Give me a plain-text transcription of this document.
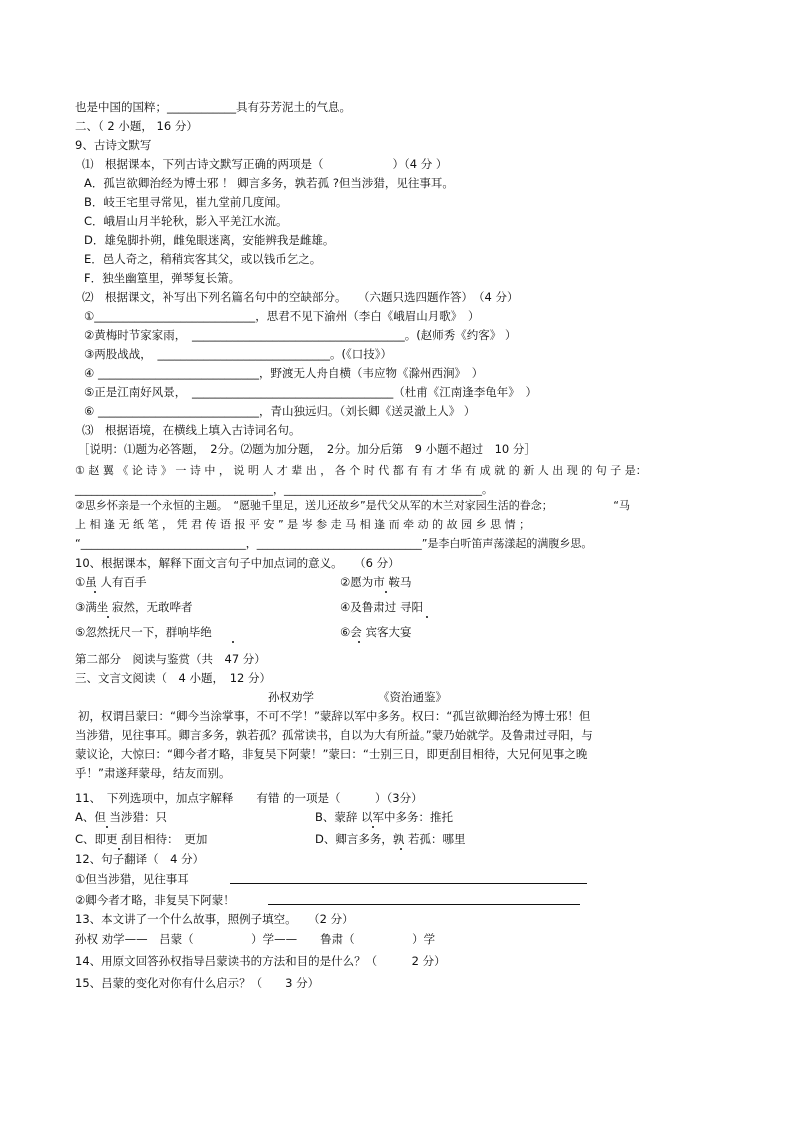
也是中国的国粹；____________具有芬芳泥土的气息。
二、（ 2 小题， 16 分）
9、古诗文默写
⑴　根据课本，下列古诗文默写正确的两项是（　　　　　　）（4 分 ）
A．孤岂欲卿治经为博士邪 ！ 卿言多务，孰若孤 ?但当涉猎，见往事耳。
B．岐王宅里寻常见，崔九堂前几度闻。
C．峨眉山月半轮秋，影入平羌江水流。
D．雄兔脚扑朔，雌兔眼迷离，安能辨我是雌雄。
E．邑人奇之，稍稍宾客其父，或以钱币乞之。
F．独坐幽篁里，弹琴复长箫。
⑵　根据课文，补写出下列名篇名句中的空缺部分。　　（六题只选四题作答）　（4 分）
①____________________________，思君不见下渝州（李白《峨眉山月歌》　）
②黄梅时节家家雨，　_____________________________________。(赵师秀《约客》 ）
③两股战战，　______________________________。(《口技》）
④ ____________________________，野渡无人舟自横（韦应物《滁州西涧》　）
⑤正是江南好风景，　___________________________________（杜甫《江南逢李龟年》　）
⑥ ____________________________，青山独远归。（刘长卿《送灵澈上人》 ）
⑶　根据语境，在横线上填入古诗词名句。
［说明：⑴题为必答题，　2分。⑵题为加分题，　2分。加分后第　9 小题不超过　10 分］
① 赵 翼 《 论 诗 》 一 诗 中 ， 说 明 人 才 辈 出 ， 各 个 时 代 都 有 有 才 华 有 成 就 的 新 人 出 现 的 句 子 是：____________________________________，____________________________________。
②思乡怀亲是一个永恒的主题。　“愿驰千里足，送儿还故乡”是代父从军的木兰对家园生活的眷念；　　　　　　“马
上 相 逢 无 纸 笔 ， 凭 君 传 语 报 平 安 ” 是 岑 参 走 马 相 逢 而 牵 动 的 故 园 乡 思 情 ；
“______________________________，______________________________”是李白听笛声荡漾起的满腹乡思。
10、根据课本，解释下面文言句子中加点词的意义。　　（6 分）
①虽 人有百手	②愿为市 鞍马
③满坐 寂然，无敢哗者	④及鲁肃过 寻阳
⑤忽然抚尺一下，群响毕绝	⑥会 宾客大宴
第二部分　阅读与鉴赏（共　47 分）
三、文言文阅读（　4 小题，　12 分）
孙权劝学	《资治通鉴》
初，权谓吕蒙曰：“卿今当涂掌事，不可不学！”蒙辞以军中多务。权曰：“孤岂欲卿治经为博士邪！但
当涉猎，见往事耳。卿言多务，孰若孤？孤常读书，自以为大有所益。”蒙乃始就学。及鲁肃过寻阳，与
蒙议论，大惊曰：“卿今者才略，非复吴下阿蒙！”蒙曰：“士别三日，即更刮目相待，大兄何见事之晚
乎！”肃遂拜蒙母，结友而别。
11、　下列选项中，加点字解释　　有错 的一项是（　　　）（3分）
A、但 当涉猎：只	B、蒙辞 以军中多务：推托
C、即更 刮目相待：　更加	D、卿言多务，孰 若孤：哪里
12、句子翻译（　4 分）
①但当涉猎，见往事耳
②卿今者才略，非复吴下阿蒙！
13、本文讲了一个什么故事，照例子填空。　　（2 分）
孙权 劝学——　吕蒙（　　　　　）学——　　鲁肃（　　　　　）学
14、用原文回答孙权指导吕蒙读书的方法和目的是什么？（　　　2 分）
15、吕蒙的变化对你有什么启示？（　　3 分）
